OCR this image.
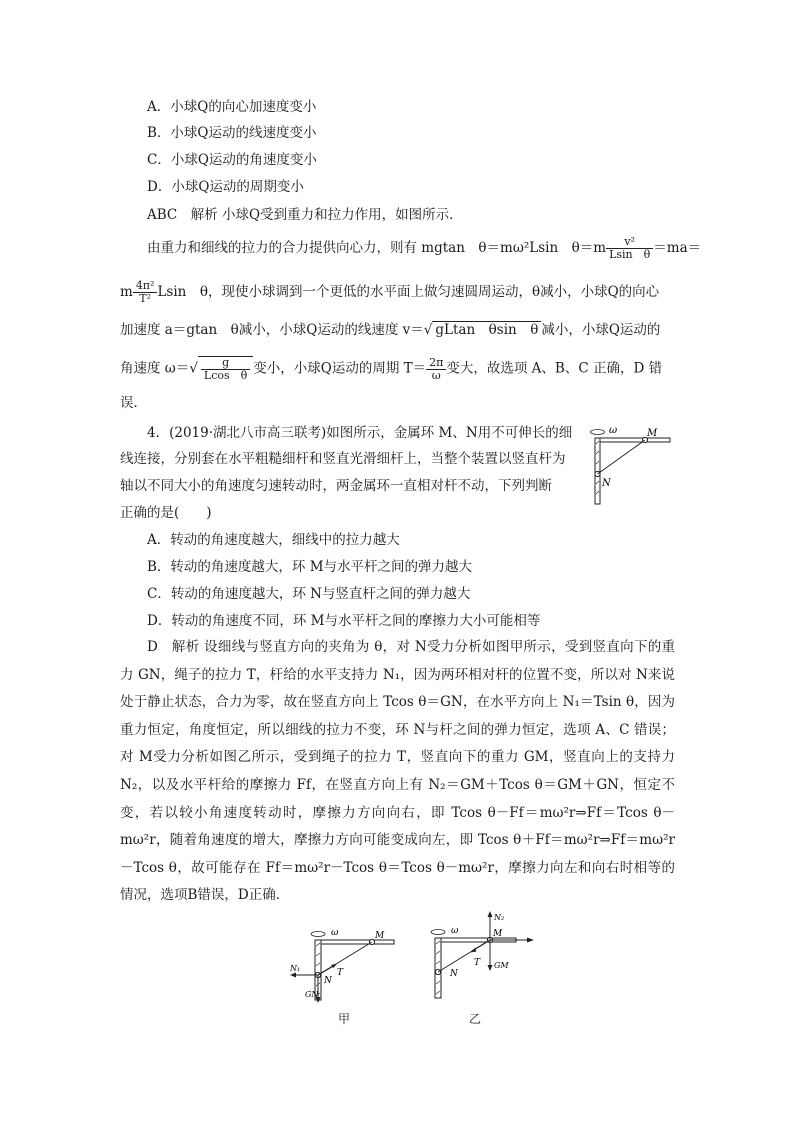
A．小球Q的向心加速度变小
B．小球Q运动的线速度变小
C．小球Q运动的角速度变小
D．小球Q运动的周期变小
ABC　解析 小球Q受到重力和拉力作用，如图所示．
由重力和细线的拉力的合力提供向心力，则有 mgtan　θ＝mω²Lsin　$\theta=m \frac{\text{v²}}{\text{Lsin　θ}} =ma=$
m $\frac{\text{4π²}}{\text{T²}}$ Lsin　θ，现使小球调到一个更低的水平面上做匀速圆周运动，θ减小，小球Q的向心
加速度 a＝gtan　θ减小，小球Q运动的线速度 v＝√ gLtan　θsin　θ 减小，小球Q运动的
角速度 $\omega=√ \frac{g}{\text{Lcos　θ}}$ 变小，小球Q运动的周期 $T= \frac{2\pi}{\omega}$ 变大，故选项 A、B、C 正确，D 错
误．
4．(2019·湖北八市高三联考)如图所示，金属环 M、N用不可伸长的细
线连接，分别套在水平粗糙细杆和竖直光滑细杆上，当整个装置以竖直杆为
轴以不同大小的角速度匀速转动时，两金属环一直相对杆不动，下列判断
正确的是(　　)
ω	M
N
A．转动的角速度越大，细线中的拉力越大
B．转动的角速度越大，环 M与水平杆之间的弹力越大
C．转动的角速度越大，环 N与竖直杆之间的弹力越大
D．转动的角速度不同，环 M与水平杆之间的摩擦力大小可能相等
D　解析 设细线与竖直方向的夹角为 θ，对 N受力分析如图甲所示，受到竖直向下的重力 GN，绳子的拉力 T，杆给的水平支持力 N₁，因为两环相对杆的位置不变，所以对 N来说处于静止状态，合力为零，故在竖直方向上 Tcos θ＝GN，在水平方向上 N₁＝Tsin θ，因为重力恒定，角度恒定，所以细线的拉力不变，环 N与杆之间的弹力恒定，选项 A、C 错误；对 M受力分析如图乙所示，受到绳子的拉力 T，竖直向下的重力 GM，竖直向上的支持力 N₂，以及水平杆给的摩擦力 Ff，在竖直方向上有 N₂＝GM＋Tcos θ＝GM＋GN，恒定不变，若以较小角速度转动时，摩擦力方向向右，即 Tcos θ－Ff＝mω²r⇒Ff＝Tcos θ－mω²r，随着角速度的增大，摩擦力方向可能变成向左，即 Tcos θ＋Ff＝mω²r⇒Ff＝mω²r－Tcos θ，故可能存在 Ff＝mω²r－Tcos θ＝Tcos θ－mω²r，摩擦力向左和向右时相等的情况，选项B错误，D正确．
ω	M
N
T
N₁
GN
甲
ω	M
N
T
N₂
GM
乙
